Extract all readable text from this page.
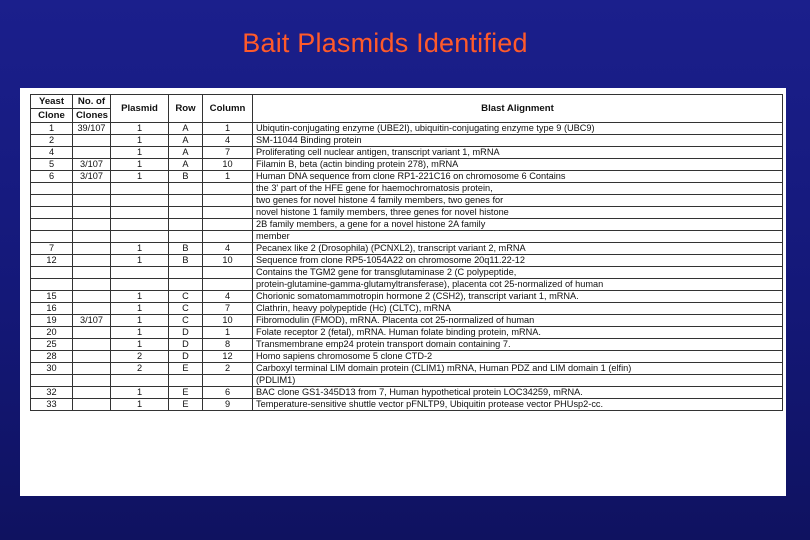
Bait Plasmids Identified
Yeast	No. of	Plasmid	Row	Column	Blast Alignment
Clone	Clones				
1	39/107	1	A	1	Ubiqutin-conjugating enzyme (UBE2I), ubiquitin-conjugating enzyme type 9 (UBC9)
2		1	A	4	SM-11044 Binding protein
4		1	A	7	Proliferating cell nuclear antigen, transcript variant 1, mRNA
5	3/107	1	A	10	Filamin B, beta (actin binding protein 278), mRNA
6	3/107	1	B	1	Human DNA sequence from clone RP1-221C16 on chromosome 6 Contains
					the 3' part of the HFE gene for haemochromatosis protein,
					two genes for novel histone 4 family members, two genes for
					novel histone 1 family members, three genes for novel histone
					2B family members, a gene for a novel histone 2A family
					member
7		1	B	4	Pecanex like 2 (Drosophila) (PCNXL2), transcript variant 2, mRNA
12		1	B	10	Sequence from clone RP5-1054A22 on chromosome 20q11.22-12
					Contains the TGM2 gene for transglutaminase 2 (C polypeptide,
					protein-glutamine-gamma-glutamyltransferase), placenta cot 25-normalized of human
15		1	C	4	Chorionic somatomammotropin hormone 2 (CSH2), transcript variant 1, mRNA.
16		1	C	7	Clathrin, heavy polypeptide (Hc) (CLTC), mRNA
19	3/107	1	C	10	Fibromodulin (FMOD), mRNA. Placenta cot 25-normalized of human
20		1	D	1	Folate receptor 2 (fetal), mRNA. Human folate binding protein, mRNA.
25		1	D	8	Transmembrane emp24 protein transport domain containing 7.
28		2	D	12	Homo sapiens chromosome 5 clone CTD-2
30		2	E	2	Carboxyl terminal LIM domain protein (CLIM1) mRNA, Human PDZ and LIM domain 1 (elfin)
					(PDLIM1)
32		1	E	6	BAC clone GS1-345D13 from 7, Human hypothetical protein LOC34259, mRNA.
33		1	E	9	Temperature-sensitive shuttle vector pFNLTP9, Ubiquitin protease vector PHUsp2-cc.
